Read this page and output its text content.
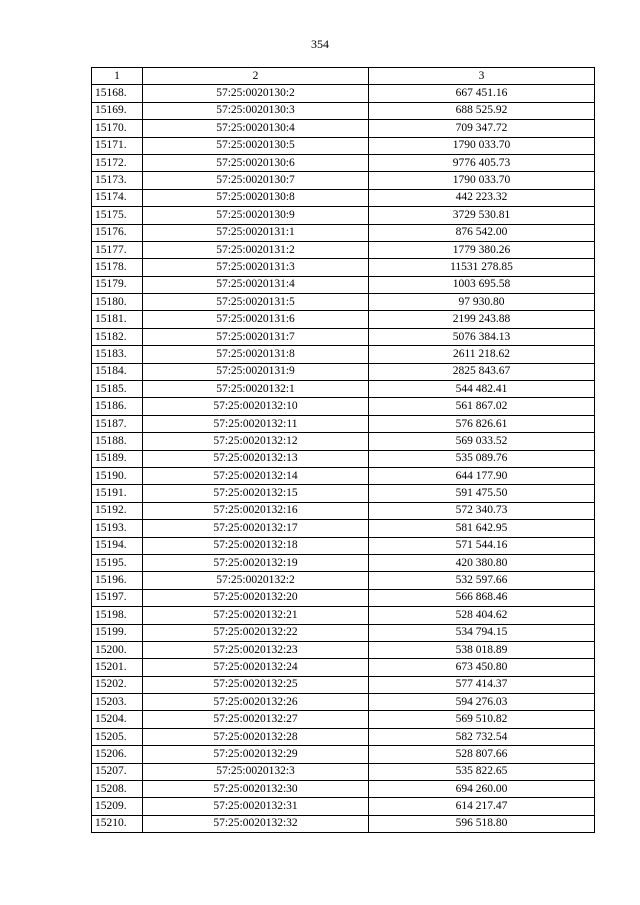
354
1	2	3
15168.	57:25:0020130:2	667 451.16
15169.	57:25:0020130:3	688 525.92
15170.	57:25:0020130:4	709 347.72
15171.	57:25:0020130:5	1790 033.70
15172.	57:25:0020130:6	9776 405.73
15173.	57:25:0020130:7	1790 033.70
15174.	57:25:0020130:8	442 223.32
15175.	57:25:0020130:9	3729 530.81
15176.	57:25:0020131:1	876 542.00
15177.	57:25:0020131:2	1779 380.26
15178.	57:25:0020131:3	11531 278.85
15179.	57:25:0020131:4	1003 695.58
15180.	57:25:0020131:5	97 930.80
15181.	57:25:0020131:6	2199 243.88
15182.	57:25:0020131:7	5076 384.13
15183.	57:25:0020131:8	2611 218.62
15184.	57:25:0020131:9	2825 843.67
15185.	57:25:0020132:1	544 482.41
15186.	57:25:0020132:10	561 867.02
15187.	57:25:0020132:11	576 826.61
15188.	57:25:0020132:12	569 033.52
15189.	57:25:0020132:13	535 089.76
15190.	57:25:0020132:14	644 177.90
15191.	57:25:0020132:15	591 475.50
15192.	57:25:0020132:16	572 340.73
15193.	57:25:0020132:17	581 642.95
15194.	57:25:0020132:18	571 544.16
15195.	57:25:0020132:19	420 380.80
15196.	57:25:0020132:2	532 597.66
15197.	57:25:0020132:20	566 868.46
15198.	57:25:0020132:21	528 404.62
15199.	57:25:0020132:22	534 794.15
15200.	57:25:0020132:23	538 018.89
15201.	57:25:0020132:24	673 450.80
15202.	57:25:0020132:25	577 414.37
15203.	57:25:0020132:26	594 276.03
15204.	57:25:0020132:27	569 510.82
15205.	57:25:0020132:28	582 732.54
15206.	57:25:0020132:29	528 807.66
15207.	57:25:0020132:3	535 822.65
15208.	57:25:0020132:30	694 260.00
15209.	57:25:0020132:31	614 217.47
15210.	57:25:0020132:32	596 518.80
